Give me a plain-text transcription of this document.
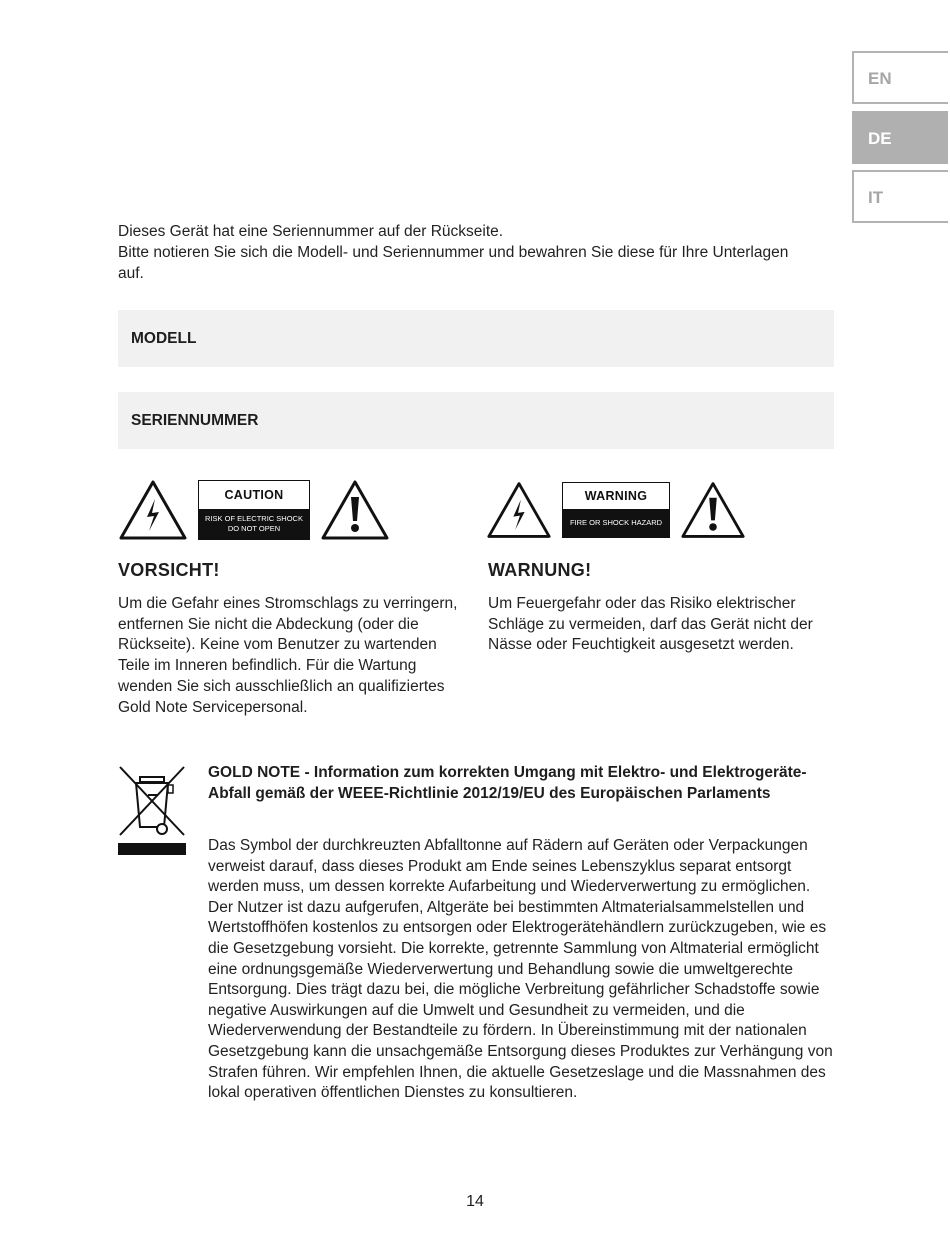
EN
DE
IT
Dieses Gerät hat eine Seriennummer auf der Rückseite.
Bitte notieren Sie sich die Modell- und Seriennummer und bewahren Sie diese für Ihre Unterlagen auf.
MODELL
SERIENNUMMER
CAUTION
RISK OF ELECTRIC SHOCK
DO NOT OPEN
WARNING
FIRE OR SHOCK HAZARD
VORSICHT!
Um die Gefahr eines Stromschlags zu verringern, entfernen Sie nicht die Abdeckung (oder die Rückseite). Keine vom Benutzer zu wartenden Teile im Inneren befindlich. Für die Wartung wenden Sie sich ausschließlich an qualifiziertes Gold Note Servicepersonal.
WARNUNG!
Um Feuergefahr oder das Risiko elektrischer Schläge zu vermeiden, darf das Gerät nicht der Nässe oder Feuchtigkeit ausgesetzt werden.
GOLD NOTE - Information zum korrekten Umgang mit Elektro- und Elektrogeräte-Abfall gemäß der WEEE-Richtlinie 2012/19/EU des Europäischen Parlaments
Das Symbol der durchkreuzten Abfalltonne auf Rädern auf Geräten oder Verpackungen verweist darauf, dass dieses Produkt am Ende seines Lebenszyklus separat entsorgt werden muss, um dessen korrekte Aufarbeitung und Wiederverwertung zu ermöglichen. Der Nutzer ist dazu aufgerufen, Altgeräte bei bestimmten Altmaterialsammelstellen und Wertstoffhöfen kostenlos zu entsorgen oder Elektrogerätehändlern zurückzugeben, wie es die Gesetzgebung vorsieht. Die korrekte, getrennte Sammlung von Altmaterial ermöglicht eine ordnungsgemäße Wiederverwertung und Behandlung sowie die umweltgerechte Entsorgung. Dies trägt dazu bei, die mögliche Verbreitung gefährlicher Schadstoffe sowie negative Auswirkungen auf die Umwelt und Gesundheit zu vermeiden, und die Wiederverwendung der Bestandteile zu fördern. In Übereinstimmung mit der nationalen Gesetzgebung kann die unsachgemäße Entsorgung dieses Produktes zur Verhängung von Strafen führen. Wir empfehlen Ihnen, die aktuelle Gesetzeslage und die Massnahmen des lokal operativen öffentlichen Dienstes zu konsultieren.
14
